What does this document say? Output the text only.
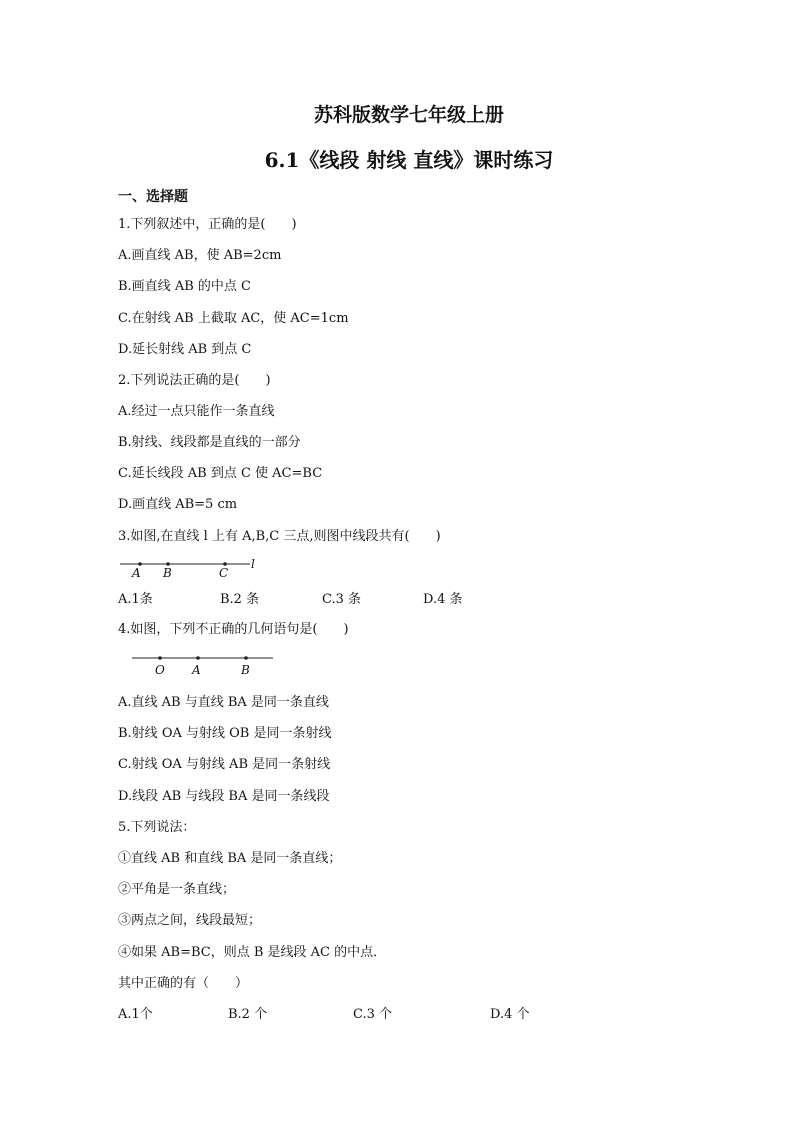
苏科版数学七年级上册
6.1《线段 射线 直线》课时练习
一、选择题
1.下列叙述中，正确的是(　　)
A.画直线 AB，使 AB=2cm
B.画直线 AB 的中点 C
C.在射线 AB 上截取 AC，使 AC=1cm
D.延长射线 AB 到点 C
2.下列说法正确的是(　　)
A.经过一点只能作一条直线
B.射线、线段都是直线的一部分
C.延长线段 AB 到点 C 使 AC=BC
D.画直线 AB=5 cm
3.如图,在直线 l 上有 A,B,C 三点,则图中线段共有(　　)
A B	C
l
A.1条	B.2 条	C.3 条	D.4 条
4.如图，下列不正确的几何语句是(　　)
O A	B
A.直线 AB 与直线 BA 是同一条直线
B.射线 OA 与射线 OB 是同一条射线
C.射线 OA 与射线 AB 是同一条射线
D.线段 AB 与线段 BA 是同一条线段
5.下列说法：
①直线 AB 和直线 BA 是同一条直线；
②平角是一条直线；
③两点之间，线段最短；
④如果 AB=BC，则点 B 是线段 AC 的中点．
其中正确的有（　　）
A.1个	B.2 个	C.3 个	D.4 个
